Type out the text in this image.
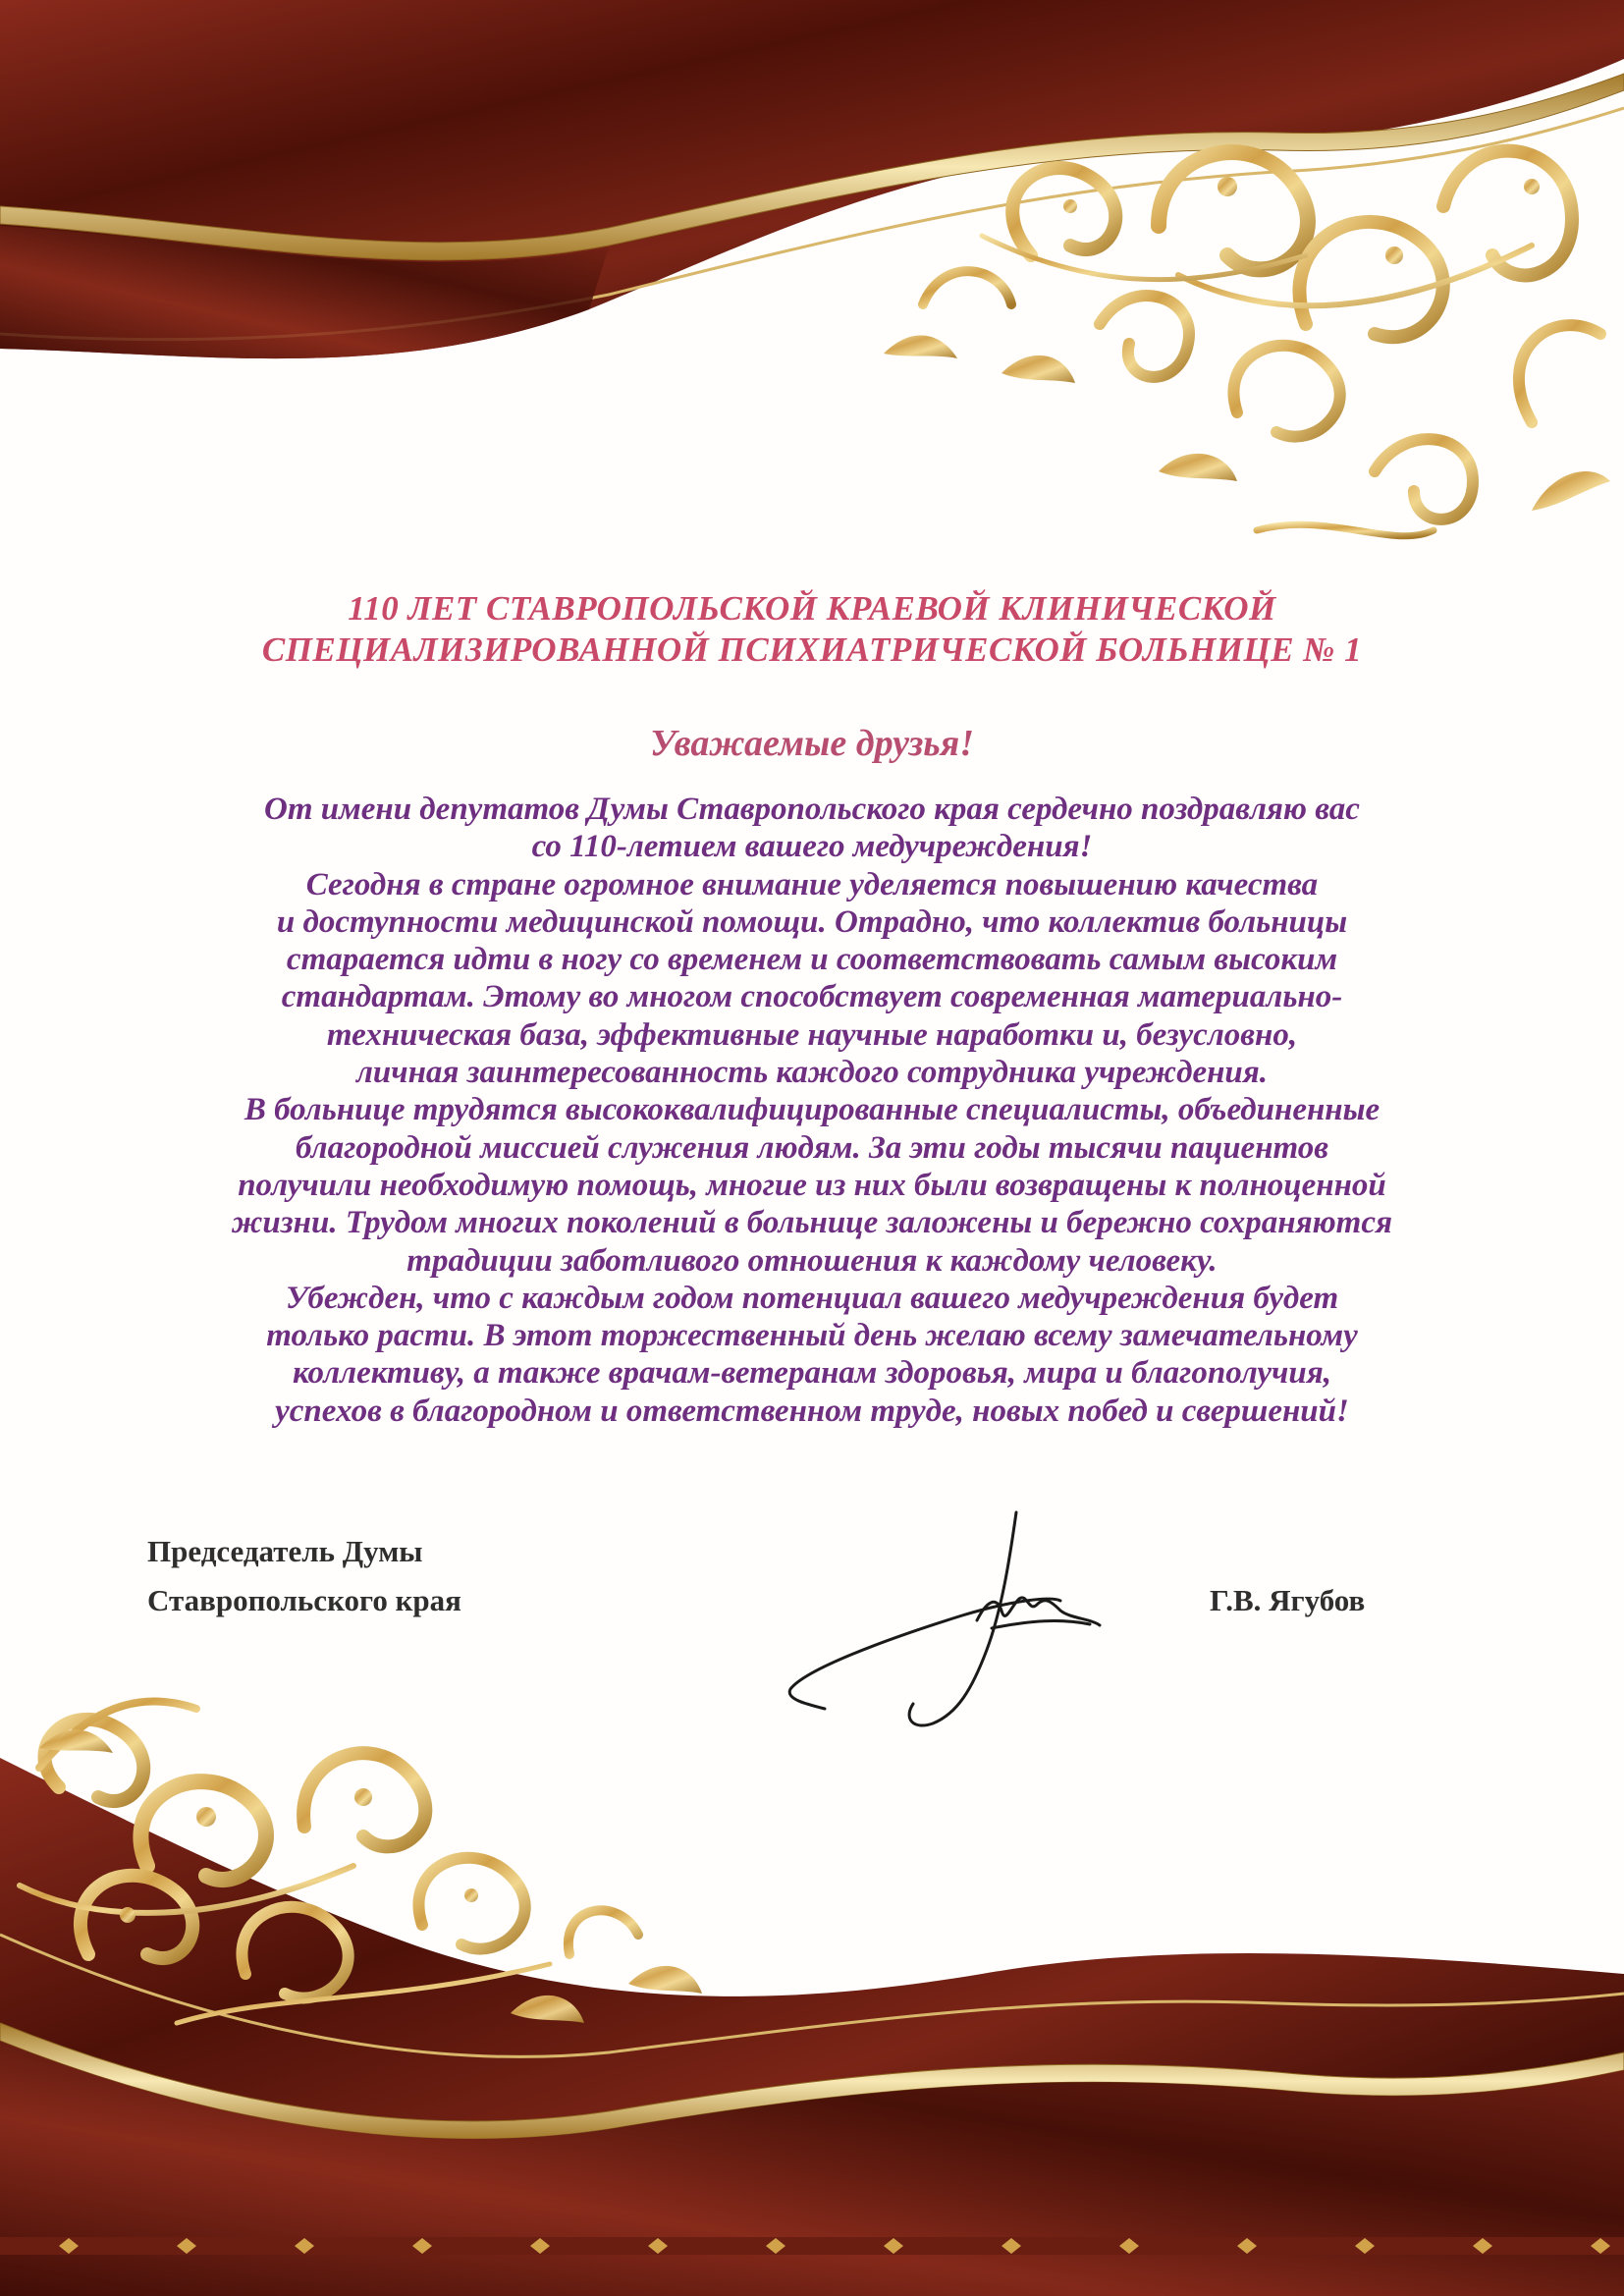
110 ЛЕТ СТАВРОПОЛЬСКОЙ КРАЕВОЙ КЛИНИЧЕСКОЙ
СПЕЦИАЛИЗИРОВАННОЙ ПСИХИАТРИЧЕСКОЙ БОЛЬНИЦЕ № 1
Уважаемые друзья!
От имени депутатов Думы Ставропольского края сердечно поздравляю вас
со 110-летием вашего медучреждения!
Сегодня в стране огромное внимание уделяется повышению качества
и доступности медицинской помощи. Отрадно, что коллектив больницы
старается идти в ногу со временем и соответствовать самым высоким
стандартам. Этому во многом способствует современная материально-
техническая база, эффективные научные наработки и, безусловно,
личная заинтересованность каждого сотрудника учреждения.
В больнице трудятся высококвалифицированные специалисты, объединенные
благородной миссией служения людям. За эти годы тысячи пациентов
получили необходимую помощь, многие из них были возвращены к полноценной
жизни. Трудом многих поколений в больнице заложены и бережно сохраняются
традиции заботливого отношения к каждому человеку.
Убежден, что с каждым годом потенциал вашего медучреждения будет
только расти. В этот торжественный день желаю всему замечательному
коллективу, а также врачам-ветеранам здоровья, мира и благополучия,
успехов в благородном и ответственном труде, новых побед и свершений!
Председатель Думы
Ставропольского края	Г.В. Ягубов
